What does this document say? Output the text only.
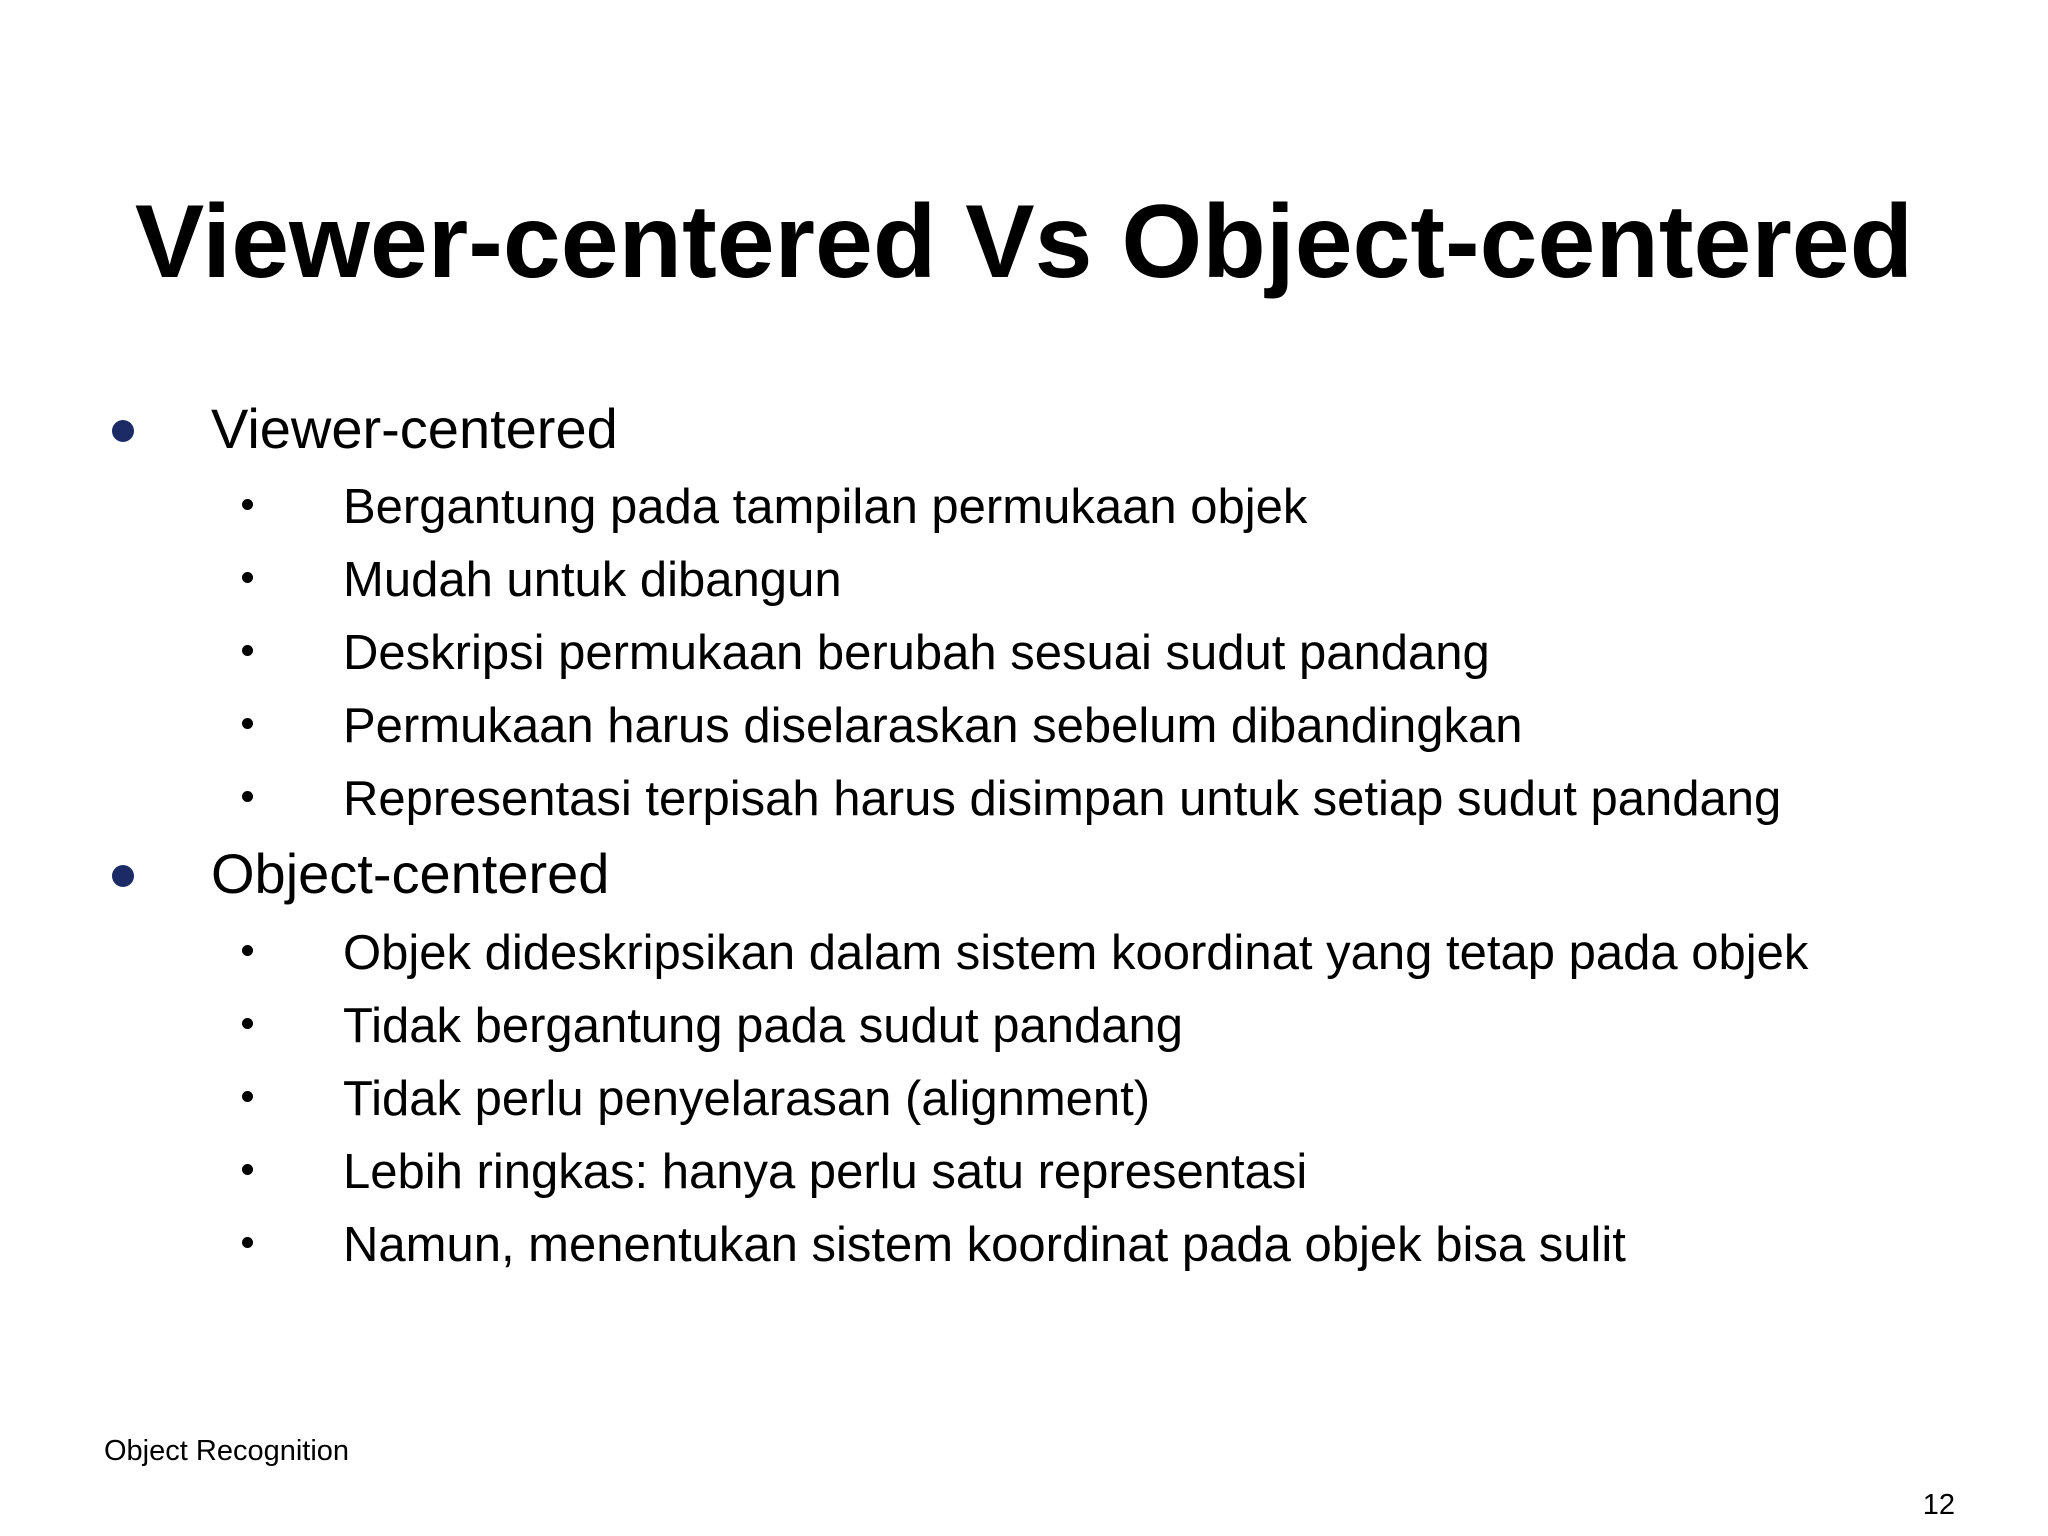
Viewer-centered Vs Object-centered
Viewer-centered
Bergantung pada tampilan permukaan objek
Mudah untuk dibangun
Deskripsi permukaan berubah sesuai sudut pandang
Permukaan harus diselaraskan sebelum dibandingkan
Representasi terpisah harus disimpan untuk setiap sudut pandang
Object-centered
Objek dideskripsikan dalam sistem koordinat yang tetap pada objek
Tidak bergantung pada sudut pandang
Tidak perlu penyelarasan (alignment)
Lebih ringkas: hanya perlu satu representasi
Namun, menentukan sistem koordinat pada objek bisa sulit
Object Recognition
12
